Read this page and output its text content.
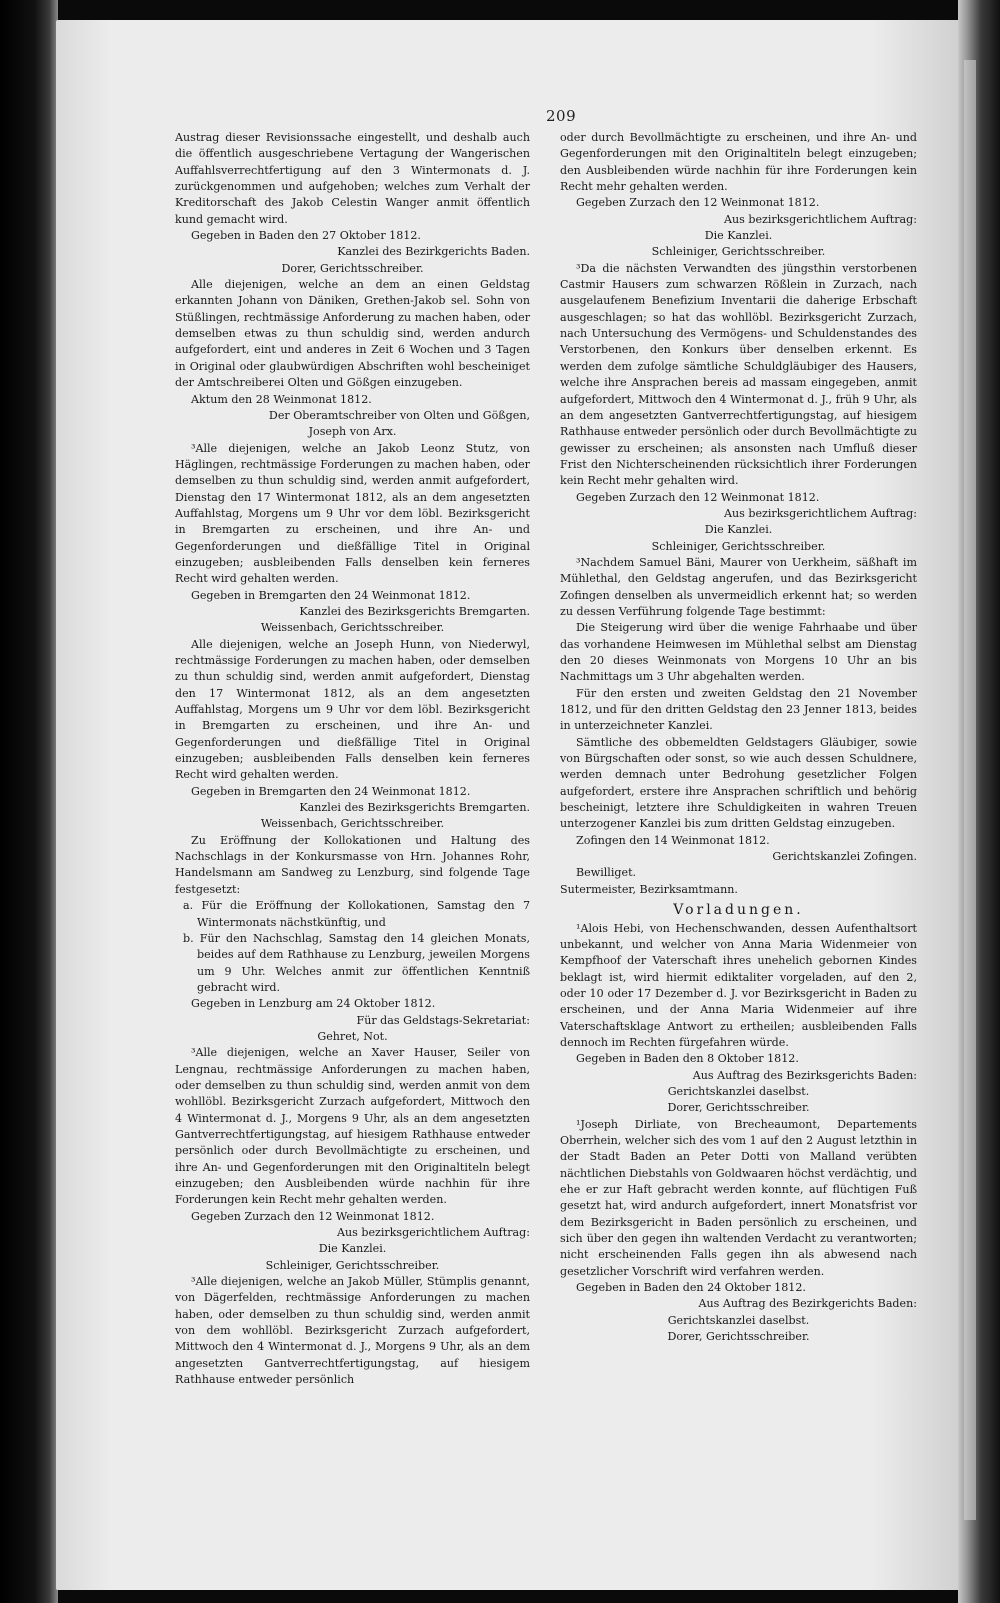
209

Austrag dieser Revisionssache eingestellt, und deshalb auch die öffentlich ausgeschriebene Vertagung der Wangerischen Auffahlsverrechtfertigung auf den 3 Wintermonats d. J. zurückgenommen und aufgehoben; welches zum Verhalt der Kreditorschaft des Jakob Celestin Wanger anmit öffentlich kund gemacht wird.

Gegeben in Baden den 27 Oktober 1812.

Kanzlei des Bezirkgerichts Baden.

Dorer, Gerichtsschreiber.

Alle diejenigen, welche an dem an einen Geldstag erkannten Johann von Däniken, Grethen-Jakob sel. Sohn von Stüßlingen, rechtmässige Anforderung zu machen haben, oder demselben etwas zu thun schuldig sind, werden andurch aufgefordert, eint und anderes in Zeit 6 Wochen und 3 Tagen in Original oder glaubwürdigen Abschriften wohl bescheiniget der Amtschreiberei Olten und Gößgen einzugeben.

Aktum den 28 Weinmonat 1812.

Der Oberamtschreiber von Olten und Gößgen,

Joseph von Arx.

³Alle diejenigen, welche an Jakob Leonz Stutz, von Häglingen, rechtmässige Forderungen zu machen haben, oder demselben zu thun schuldig sind, werden anmit aufgefordert, Dienstag den 17 Wintermonat 1812, als an dem angesetzten Auffahlstag, Morgens um 9 Uhr vor dem löbl. Bezirksgericht in Bremgarten zu erscheinen, und ihre An- und Gegenforderungen und dießfällige Titel in Original einzugeben; ausbleibenden Falls denselben kein ferneres Recht wird gehalten werden.

Gegeben in Bremgarten den 24 Weinmonat 1812.

Kanzlei des Bezirksgerichts Bremgarten.

Weissenbach, Gerichtsschreiber.

Alle diejenigen, welche an Joseph Hunn, von Niederwyl, rechtmässige Forderungen zu machen haben, oder demselben zu thun schuldig sind, werden anmit aufgefordert, Dienstag den 17 Wintermonat 1812, als an dem angesetzten Auffahlstag, Morgens um 9 Uhr vor dem löbl. Bezirksgericht in Bremgarten zu erscheinen, und ihre An- und Gegenforderungen und dießfällige Titel in Original einzugeben; ausbleibenden Falls denselben kein ferneres Recht wird gehalten werden.

Gegeben in Bremgarten den 24 Weinmonat 1812.

Kanzlei des Bezirksgerichts Bremgarten.

Weissenbach, Gerichtsschreiber.

Zu Eröffnung der Kollokationen und Haltung des Nachschlags in der Konkursmasse von Hrn. Johannes Rohr, Handelsmann am Sandweg zu Lenzburg, sind folgende Tage festgesetzt:

a. Für die Eröffnung der Kollokationen, Samstag den 7 Wintermonats nächstkünftig, und

b. Für den Nachschlag, Samstag den 14 gleichen Monats, beides auf dem Rathhause zu Lenzburg, jeweilen Morgens um 9 Uhr. Welches anmit zur öffentlichen Kenntniß gebracht wird.

Gegeben in Lenzburg am 24 Oktober 1812.

Für das Geldstags-Sekretariat:

Gehret, Not.

³Alle diejenigen, welche an Xaver Hauser, Seiler von Lengnau, rechtmässige Anforderungen zu machen haben, oder demselben zu thun schuldig sind, werden anmit von dem wohllöbl. Bezirksgericht Zurzach aufgefordert, Mittwoch den 4 Wintermonat d. J., Morgens 9 Uhr, als an dem angesetzten Gantverrechtfertigungstag, auf hiesigem Rathhause entweder persönlich oder durch Bevollmächtigte zu erscheinen, und ihre An- und Gegenforderungen mit den Originaltiteln belegt einzugeben; den Ausbleibenden würde nachhin für ihre Forderungen kein Recht mehr gehalten werden.

Gegeben Zurzach den 12 Weinmonat 1812.

Aus bezirksgerichtlichem Auftrag:

Die Kanzlei.

Schleiniger, Gerichtsschreiber.

³Alle diejenigen, welche an Jakob Müller, Stümplis genannt, von Dägerfelden, rechtmässige Anforderungen zu machen haben, oder demselben zu thun schuldig sind, werden anmit von dem wohllöbl. Bezirksgericht Zurzach aufgefordert, Mittwoch den 4 Wintermonat d. J., Morgens 9 Uhr, als an dem angesetzten Gantverrechtfertigungstag, auf hiesigem Rathhause entweder persönlich

oder durch Bevollmächtigte zu erscheinen, und ihre An- und Gegenforderungen mit den Originaltiteln belegt einzugeben; den Ausbleibenden würde nachhin für ihre Forderungen kein Recht mehr gehalten werden.

Gegeben Zurzach den 12 Weinmonat 1812.

Aus bezirksgerichtlichem Auftrag:

Die Kanzlei.

Schleiniger, Gerichtsschreiber.

³Da die nächsten Verwandten des jüngsthin verstorbenen Castmir Hausers zum schwarzen Rößlein in Zurzach, nach ausgelaufenem Benefizium Inventarii die daherige Erbschaft ausgeschlagen; so hat das wohllöbl. Bezirksgericht Zurzach, nach Untersuchung des Vermögens- und Schuldenstandes des Verstorbenen, den Konkurs über denselben erkennt. Es werden dem zufolge sämtliche Schuldgläubiger des Hausers, welche ihre Ansprachen bereis ad massam eingegeben, anmit aufgefordert, Mittwoch den 4 Wintermonat d. J., früh 9 Uhr, als an dem angesetzten Gantverrechtfertigungstag, auf hiesigem Rathhause entweder persönlich oder durch Bevollmächtigte zu gewisser zu erscheinen; als ansonsten nach Umfluß dieser Frist den Nichterscheinenden rücksichtlich ihrer Forderungen kein Recht mehr gehalten wird.

Gegeben Zurzach den 12 Weinmonat 1812.

Aus bezirksgerichtlichem Auftrag:

Die Kanzlei.

Schleiniger, Gerichtsschreiber.

³Nachdem Samuel Bäni, Maurer von Uerkheim, säßhaft im Mühlethal, den Geldstag angerufen, und das Bezirksgericht Zofingen denselben als unvermeidlich erkennt hat; so werden zu dessen Verführung folgende Tage bestimmt:

Die Steigerung wird über die wenige Fahrhaabe und über das vorhandene Heimwesen im Mühlethal selbst am Dienstag den 20 dieses Weinmonats von Morgens 10 Uhr an bis Nachmittags um 3 Uhr abgehalten werden.

Für den ersten und zweiten Geldstag den 21 November 1812, und für den dritten Geldstag den 23 Jenner 1813, beides in unterzeichneter Kanzlei.

Sämtliche des obbemeldten Geldstagers Gläubiger, sowie von Bürgschaften oder sonst, so wie auch dessen Schuldnere, werden demnach unter Bedrohung gesetzlicher Folgen aufgefordert, erstere ihre Ansprachen schriftlich und behörig bescheinigt, letztere ihre Schuldigkeiten in wahren Treuen unterzogener Kanzlei bis zum dritten Geldstag einzugeben.

Zofingen den 14 Weinmonat 1812.

Gerichtskanzlei Zofingen.

Bewilliget.

Sutermeister, Bezirksamtmann.

Vorladungen.

¹Alois Hebi, von Hechenschwanden, dessen Aufenthaltsort unbekannt, und welcher von Anna Maria Widenmeier von Kempfhoof der Vaterschaft ihres unehelich gebornen Kindes beklagt ist, wird hiermit ediktaliter vorgeladen, auf den 2, oder 10 oder 17 Dezember d. J. vor Bezirksgericht in Baden zu erscheinen, und der Anna Maria Widenmeier auf ihre Vaterschaftsklage Antwort zu ertheilen; ausbleibenden Falls dennoch im Rechten fürgefahren würde.

Gegeben in Baden den 8 Oktober 1812.

Aus Auftrag des Bezirksgerichts Baden:

Gerichtskanzlei daselbst.

Dorer, Gerichtsschreiber.

¹Joseph Dirliate, von Brecheaumont, Departements Oberrhein, welcher sich des vom 1 auf den 2 August letzthin in der Stadt Baden an Peter Dotti von Malland verübten nächtlichen Diebstahls von Goldwaaren höchst verdächtig, und ehe er zur Haft gebracht werden konnte, auf flüchtigen Fuß gesetzt hat, wird andurch aufgefordert, innert Monatsfrist vor dem Bezirksgericht in Baden persönlich zu erscheinen, und sich über den gegen ihn waltenden Verdacht zu verantworten; nicht erscheinenden Falls gegen ihn als abwesend nach gesetzlicher Vorschrift wird verfahren werden.

Gegeben in Baden den 24 Oktober 1812.

Aus Auftrag des Bezirkgerichts Baden:

Gerichtskanzlei daselbst.

Dorer, Gerichtsschreiber.
